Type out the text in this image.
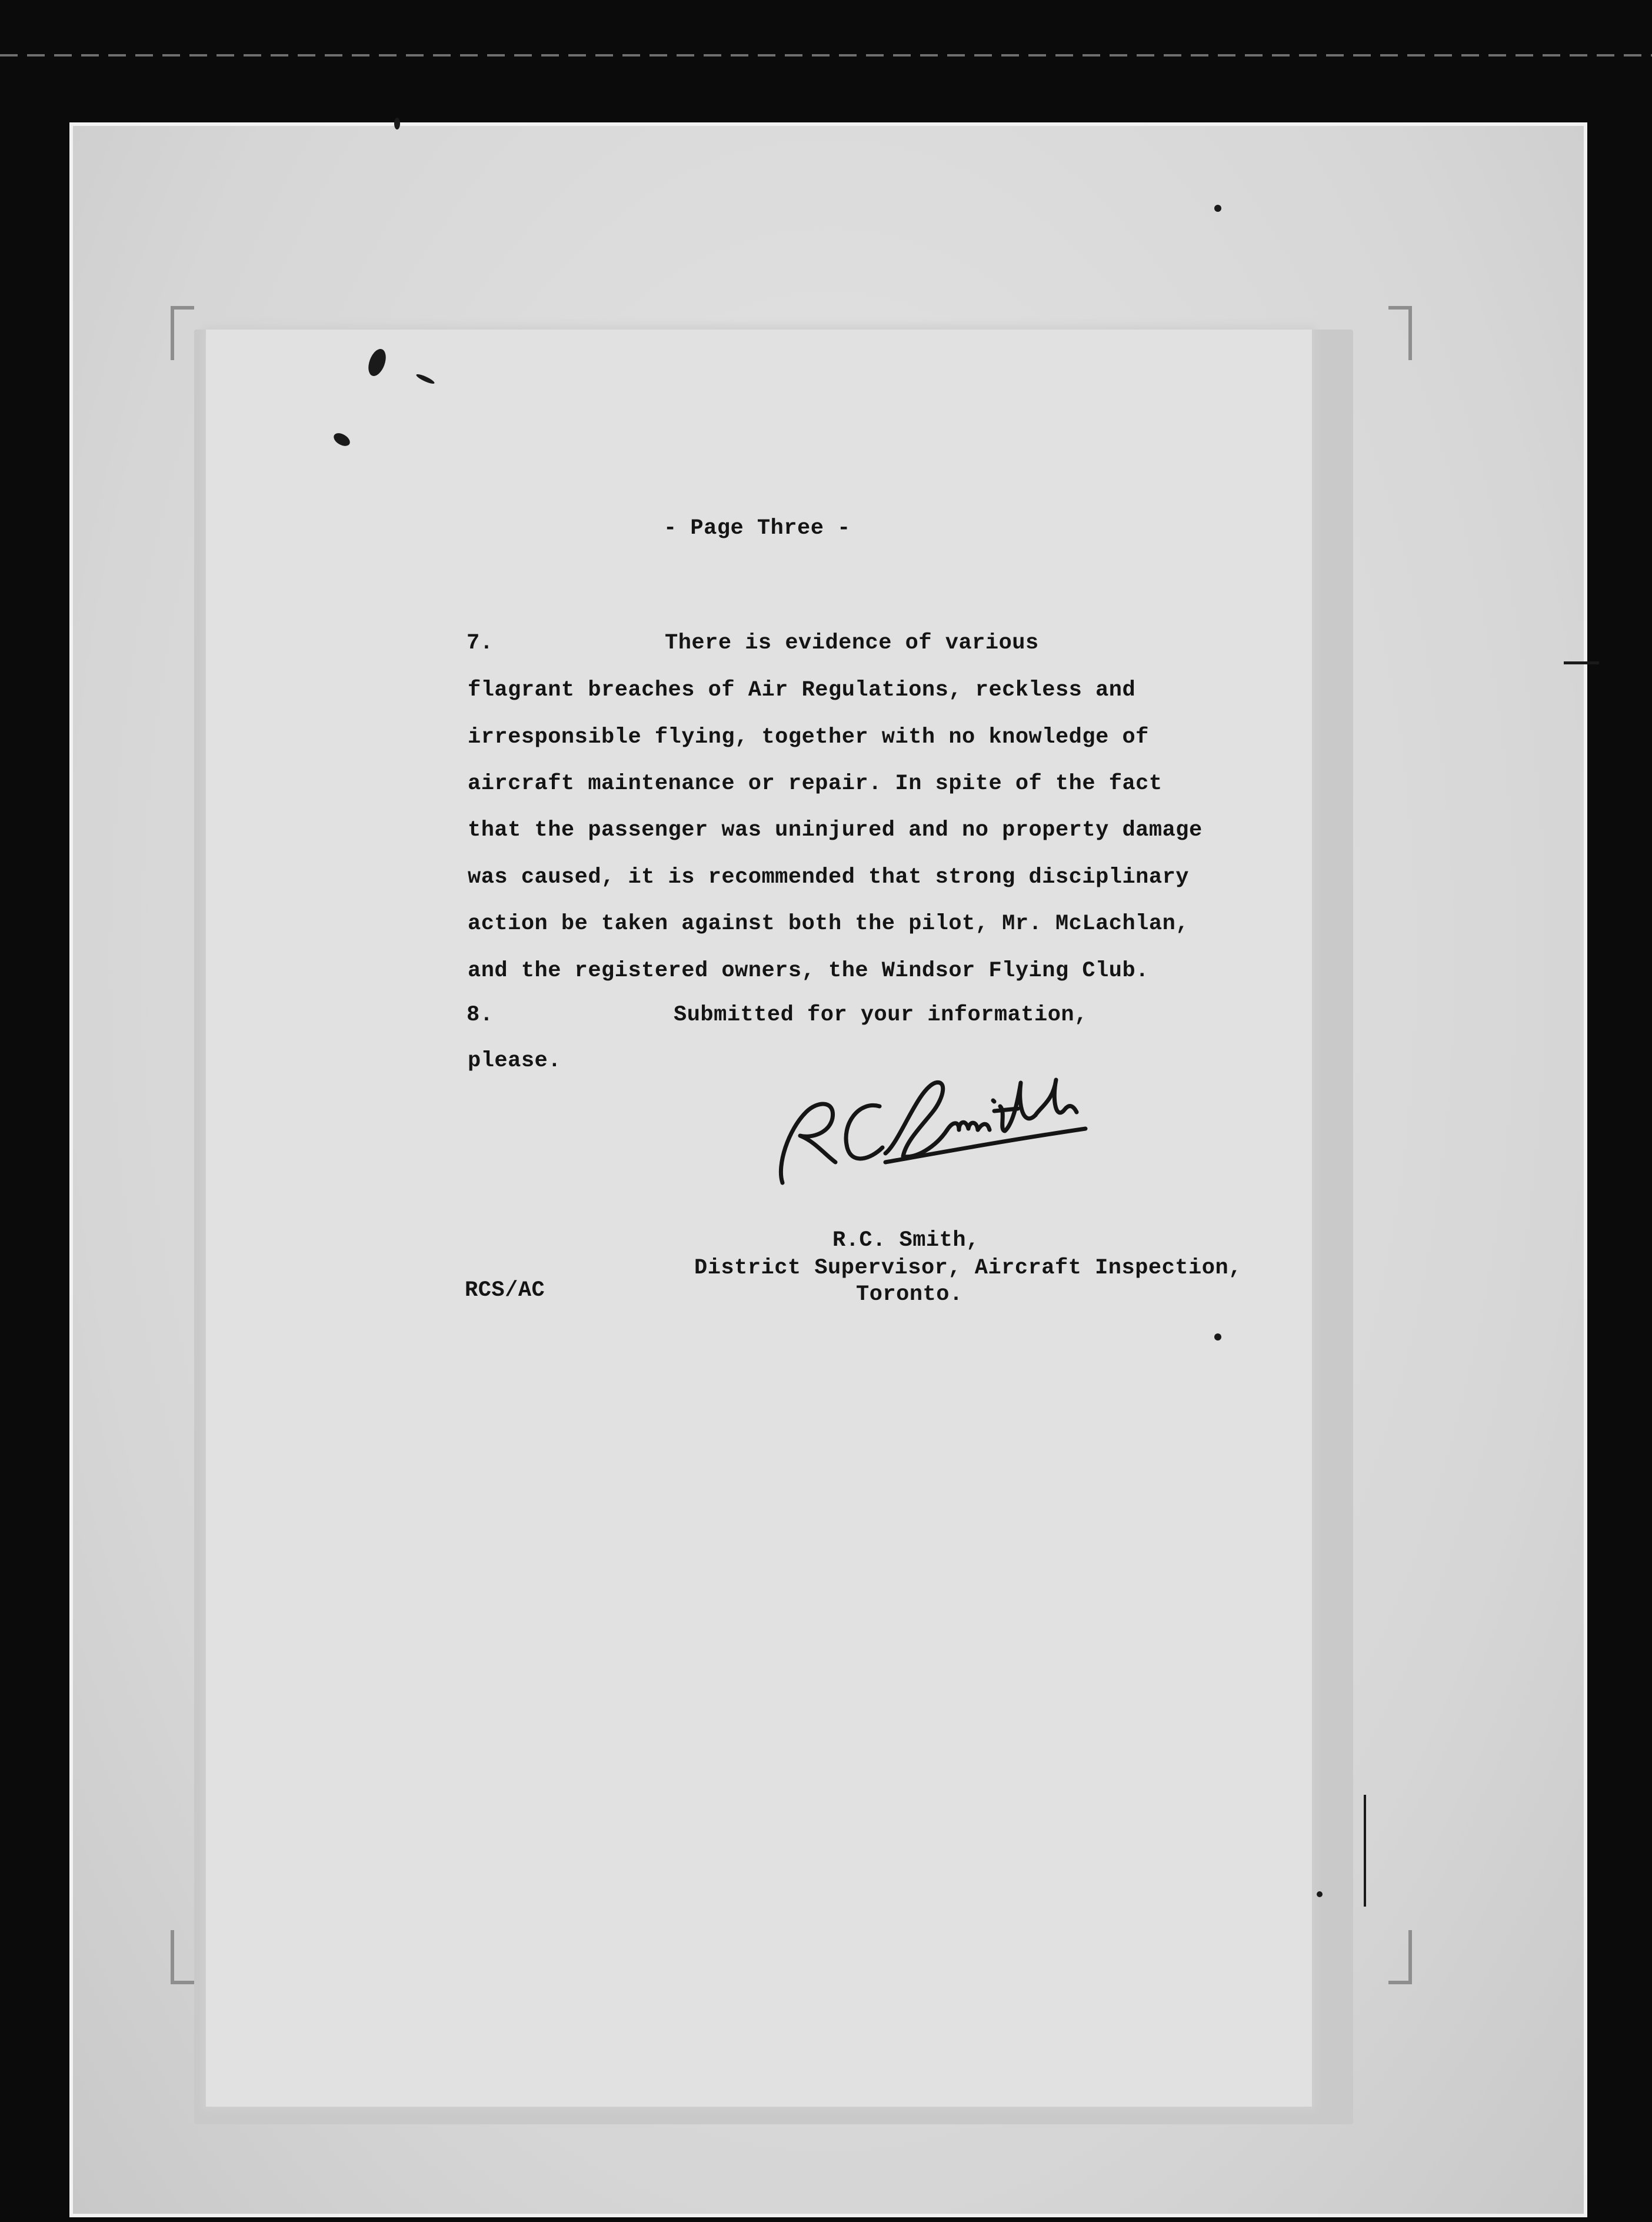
- Page Three -
7.	There is evidence of various
flagrant breaches of Air Regulations, reckless and
irresponsible flying, together with no knowledge of
aircraft maintenance or repair. In spite of the fact
that the passenger was uninjured and no property damage
was caused, it is recommended that strong disciplinary
action be taken against both the pilot, Mr. McLachlan,
and the registered owners, the Windsor Flying Club.
8.	Submitted for your information,
please.
R.C. Smith,
District Supervisor, Aircraft Inspection,
Toronto.
RCS/AC
